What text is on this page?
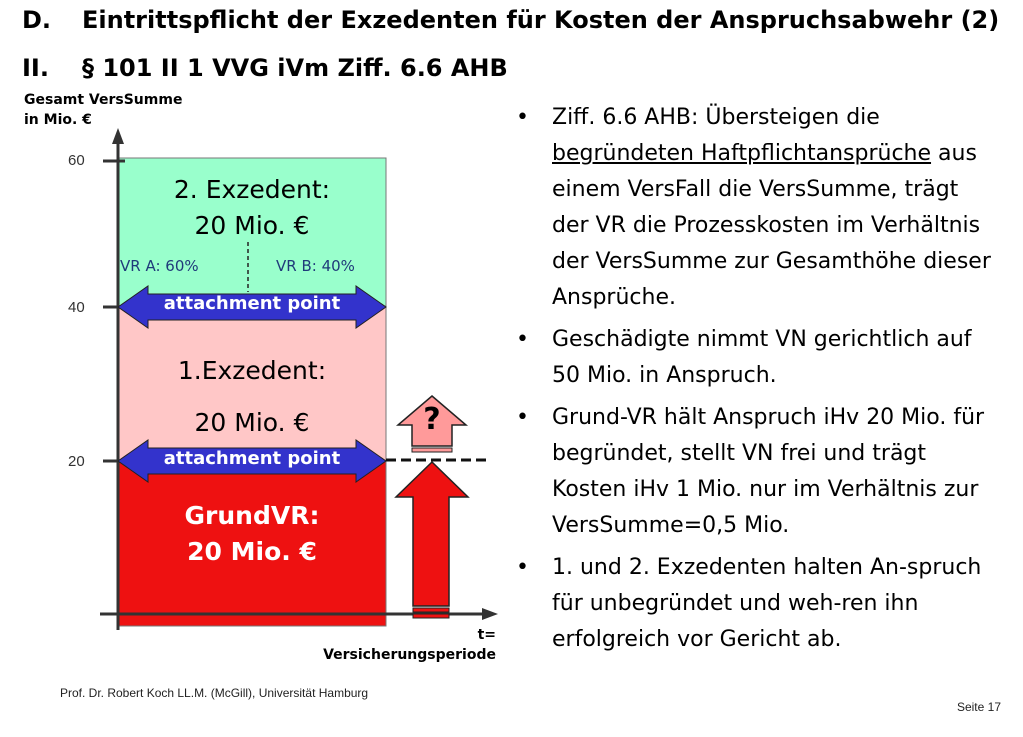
D. Eintrittspflicht der Exzedenten für Kosten der Anspruchsabwehr (2)
II. § 101 II 1 VVG iVm Ziff. 6.6 AHB
Gesamt VersSumme
in Mio. €
t=
Versicherungsperiode
60
40
20
2. Exzedent:
20 Mio. €
VR A: 60%	VR B: 40%
1.Exzedent:
20 Mio. €
GrundVR:
20 Mio. €
attachment point
attachment point
?
• Ziff. 6.6 AHB: Übersteigen die begründeten Haftpflichtansprüche aus einem VersFall die VersSumme, trägt der VR die Prozesskosten im Verhältnis der VersSumme zur Gesamthöhe dieser Ansprüche.
• Geschädigte nimmt VN gerichtlich auf 50 Mio. in Anspruch.
• Grund-VR hält Anspruch iHv 20 Mio. für begründet, stellt VN frei und trägt Kosten iHv 1 Mio. nur im Verhältnis zur VersSumme=0,5 Mio.
• 1. und 2. Exzedenten halten An-spruch für unbegründet und weh-ren ihn erfolgreich vor Gericht ab.
Prof. Dr. Robert Koch LL.M. (McGill), Universität Hamburg
Seite 17
